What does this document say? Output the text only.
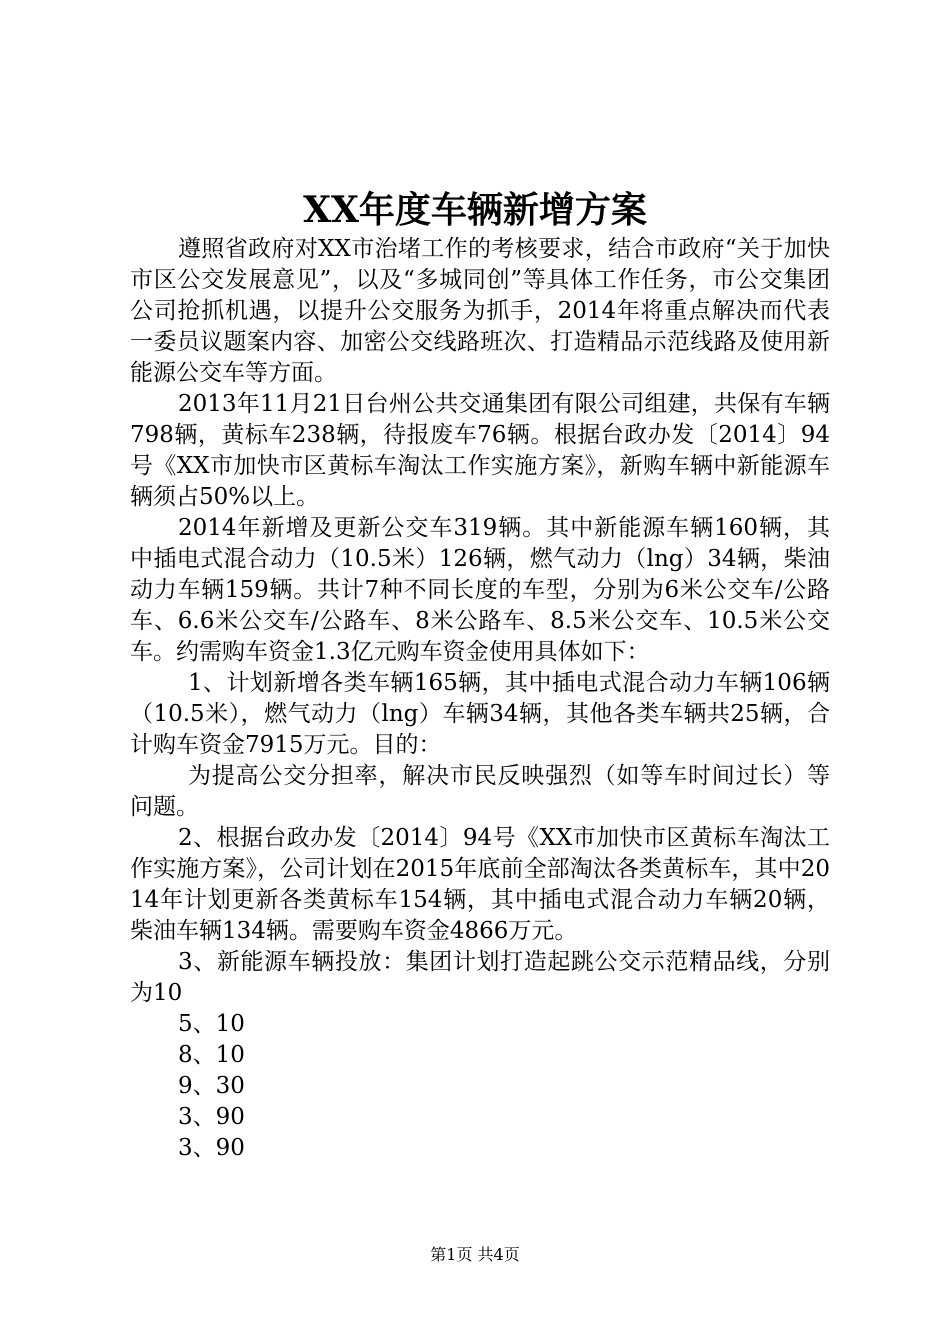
XX年度车辆新增方案

遵照省政府对XX市治堵工作的考核要求，结合市政府“关于加快市区公交发展意见”，以及“多城同创”等具体工作任务，市公交集团公司抢抓机遇，以提升公交服务为抓手，2014年将重点解决而代表一委员议题案内容、加密公交线路班次、打造精品示范线路及使用新能源公交车等方面。

2013年11月21日台州公共交通集团有限公司组建，共保有车辆798辆，黄标车238辆，待报废车76辆。根据台政办发〔2014〕94号《XX市加快市区黄标车淘汰工作实施方案》，新购车辆中新能源车辆须占50%以上。

2014年新增及更新公交车319辆。其中新能源车辆160辆，其中插电式混合动力（10.5米）126辆，燃气动力（lng）34辆，柴油动力车辆159辆。共计7种不同长度的车型，分别为6米公交车/公路车、6.6米公交车/公路车、8米公路车、8.5米公交车、10.5米公交车。约需购车资金1.3亿元购车资金使用具体如下：

1、计划新增各类车辆165辆，其中插电式混合动力车辆106辆（10.5米），燃气动力（lng）车辆34辆，其他各类车辆共25辆，合计购车资金7915万元。目的：

为提高公交分担率，解决市民反映强烈（如等车时间过长）等问题。

2、根据台政办发〔2014〕94号《XX市加快市区黄标车淘汰工作实施方案》，公司计划在2015年底前全部淘汰各类黄标车，其中2014年计划更新各类黄标车154辆，其中插电式混合动力车辆20辆，柴油车辆134辆。需要购车资金4866万元。

3、新能源车辆投放：集团计划打造起跳公交示范精品线，分别为10

5、10

8、10

9、30

3、90

3、90

第1页 共4页
